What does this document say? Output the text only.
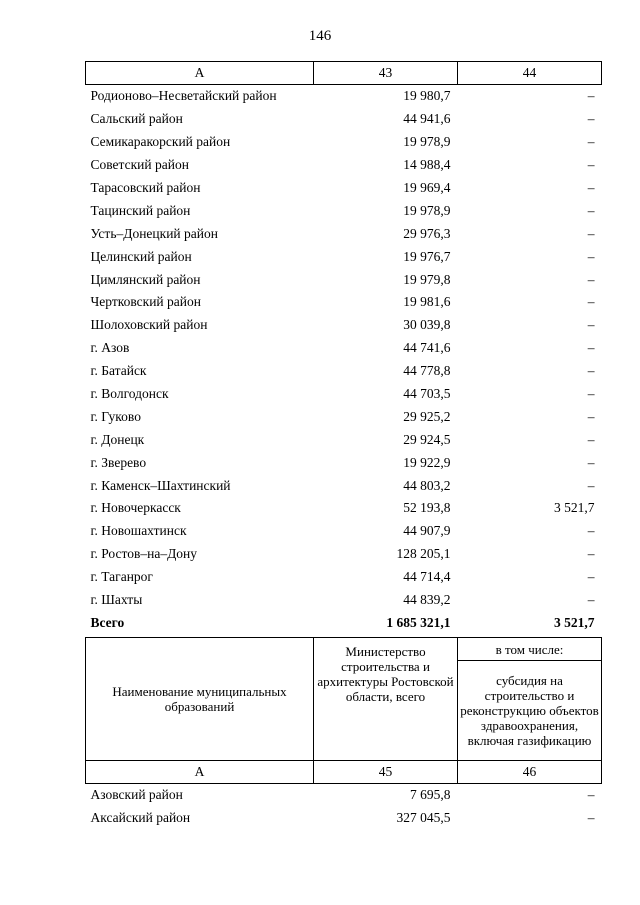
146
А	43	44
Родионово–Несветайский район	19 980,7	–
Сальский район	44 941,6	–
Семикаракорский район	19 978,9	–
Советский район	14 988,4	–
Тарасовский район	19 969,4	–
Тацинский район	19 978,9	–
Усть–Донецкий район	29 976,3	–
Целинский район	19 976,7	–
Цимлянский район	19 979,8	–
Чертковский район	19 981,6	–
Шолоховский район	30 039,8	–
г. Азов	44 741,6	–
г. Батайск	44 778,8	–
г. Волгодонск	44 703,5	–
г. Гуково	29 925,2	–
г. Донецк	29 924,5	–
г. Зверево	19 922,9	–
г. Каменск–Шахтинский	44 803,2	–
г. Новочеркасск	52 193,8	3 521,7
г. Новошахтинск	44 907,9	–
г. Ростов–на–Дону	128 205,1	–
г. Таганрог	44 714,4	–
г. Шахты	44 839,2	–
Всего	1 685 321,1	3 521,7
Наименование муниципальных образований	Министерство строительства и архитектуры Ростовской области, всего	в том числе:
		субсидия на строительство и реконструкцию объектов здравоохранения, включая газификацию
А	45	46
Азовский район	7 695,8	–
Аксайский район	327 045,5	–
